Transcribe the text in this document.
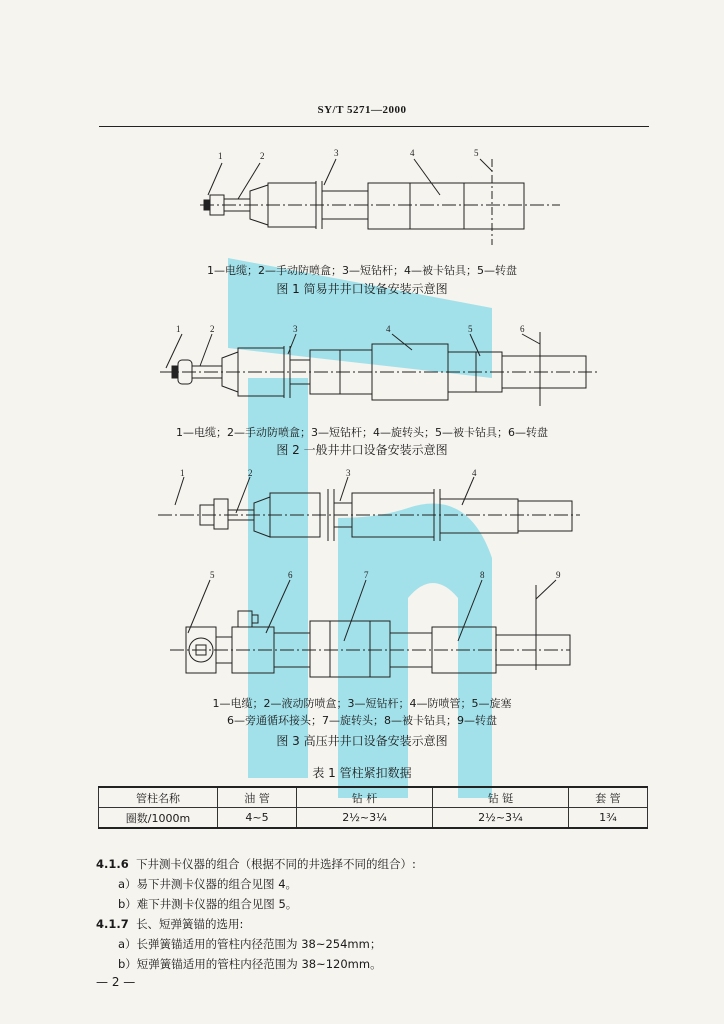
SY/T 5271—2000
1	2	3	4	5
1—电缆；2—手动防喷盒；3—短钻杆；4—被卡钻具；5—转盘
图 1 简易井井口设备安装示意图
1	2	3	4	5	6
1—电缆；2—手动防喷盒；3—短钻杆；4—旋转头；5—被卡钻具；6—转盘
图 2 一般井井口设备安装示意图
1	2	3	4
5	6	7	8	9
1—电缆；2—液动防喷盒；3—短钻杆；4—防喷管；5—旋塞
6—旁通循环接头；7—旋转头；8—被卡钻具；9—转盘
图 3 高压井井口设备安装示意图
表 1 管柱紧扣数据
管柱名称	油 管	钻 杆	钻 铤	套 管
圈数/1000m	4~5	2½~3¼	2½~3¼	1¾
4.1.6 下井测卡仪器的组合（根据不同的井选择不同的组合）:
a）易下井测卡仪器的组合见图 4。
b）难下井测卡仪器的组合见图 5。
4.1.7 长、短弹簧锚的选用:
a）长弹簧锚适用的管柱内径范围为 38~254mm；
b）短弹簧锚适用的管柱内径范围为 38~120mm。
— 2 —
